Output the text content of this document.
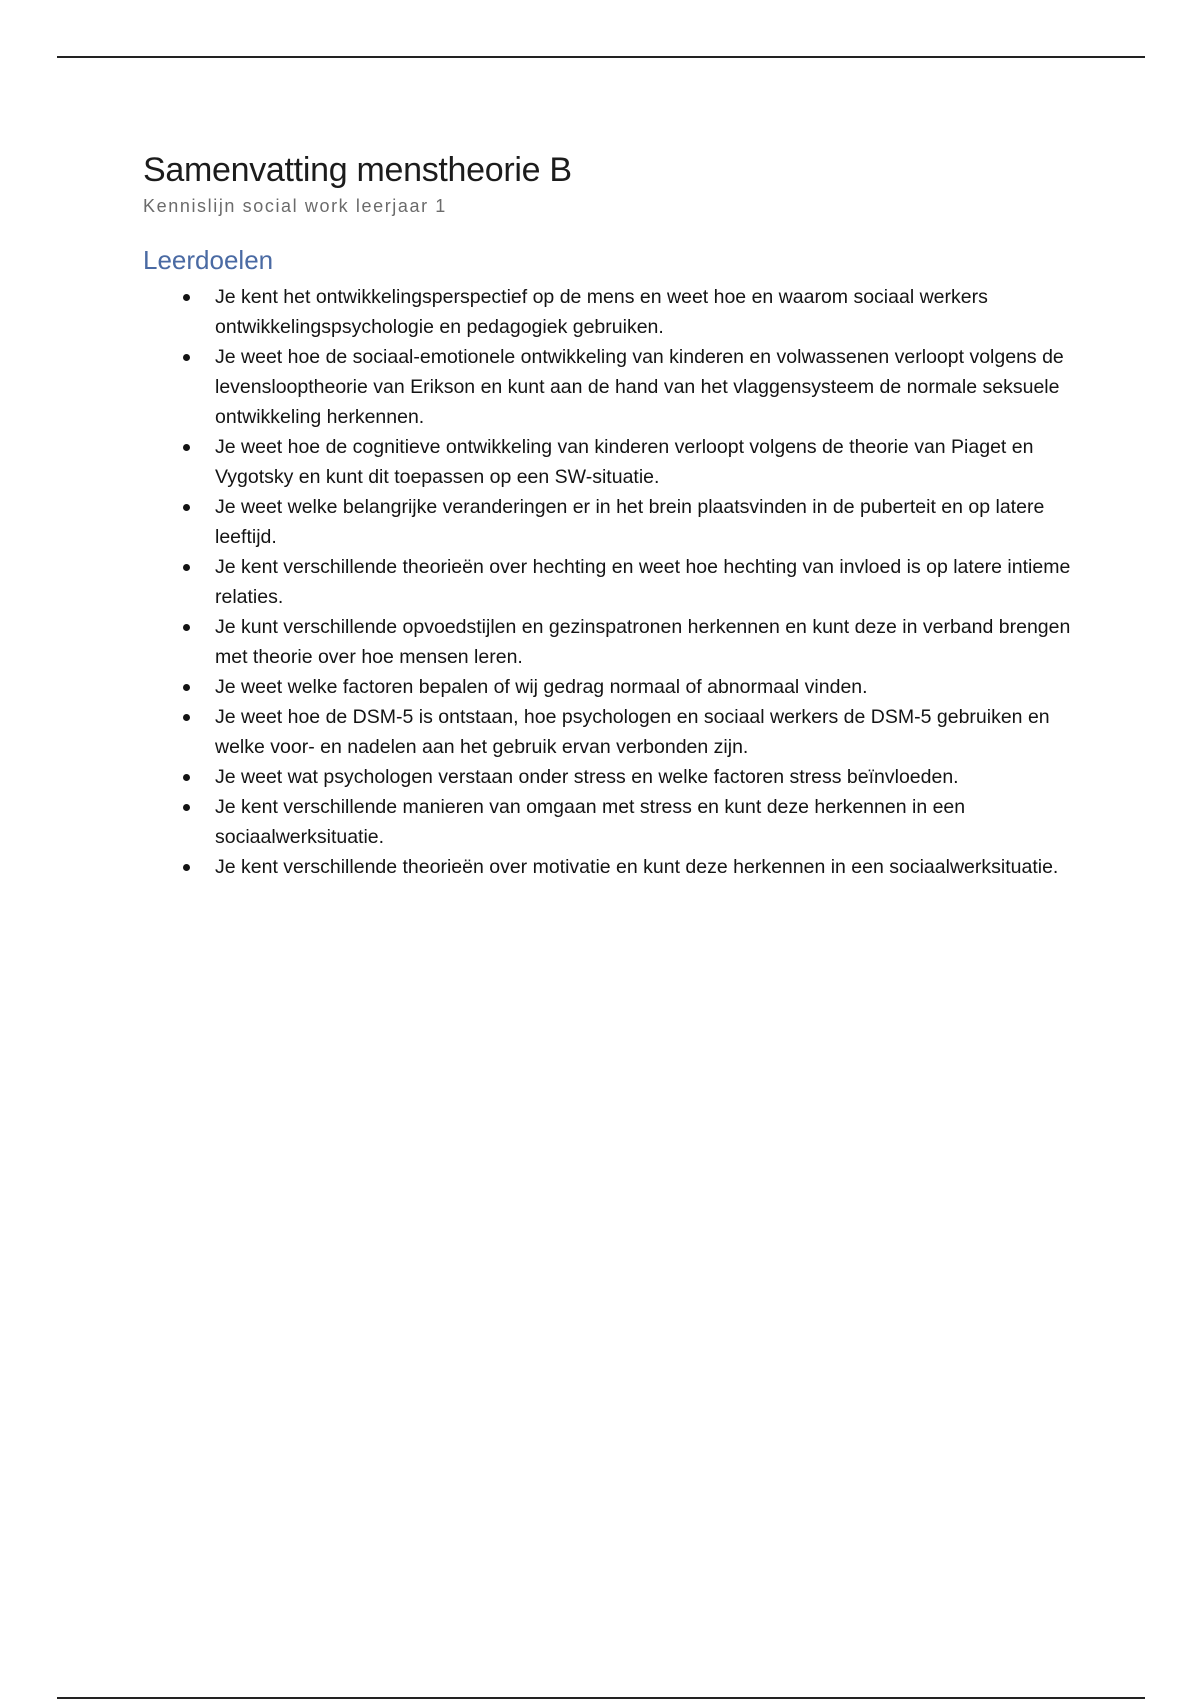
Samenvatting menstheorie B
Kennislijn social work leerjaar 1
Leerdoelen
Je kent het ontwikkelingsperspectief op de mens en weet hoe en waarom sociaal werkers ontwikkelingspsychologie en pedagogiek gebruiken.
Je weet hoe de sociaal-emotionele ontwikkeling van kinderen en volwassenen verloopt volgens de levenslooptheorie van Erikson en kunt aan de hand van het vlaggensysteem de normale seksuele ontwikkeling herkennen.
Je weet hoe de cognitieve ontwikkeling van kinderen verloopt volgens de theorie van Piaget en Vygotsky en kunt dit toepassen op een SW-situatie.
Je weet welke belangrijke veranderingen er in het brein plaatsvinden in de puberteit en op latere leeftijd.
Je kent verschillende theorieën over hechting en weet hoe hechting van invloed is op latere intieme relaties.
Je kunt verschillende opvoedstijlen en gezinspatronen herkennen en kunt deze in verband brengen met theorie over hoe mensen leren.
Je weet welke factoren bepalen of wij gedrag normaal of abnormaal vinden.
Je weet hoe de DSM-5 is ontstaan, hoe psychologen en sociaal werkers de DSM-5 gebruiken en welke voor- en nadelen aan het gebruik ervan verbonden zijn.
Je weet wat psychologen verstaan onder stress en welke factoren stress beïnvloeden.
Je kent verschillende manieren van omgaan met stress en kunt deze herkennen in een sociaalwerksituatie.
Je kent verschillende theorieën over motivatie en kunt deze herkennen in een sociaalwerksituatie.
